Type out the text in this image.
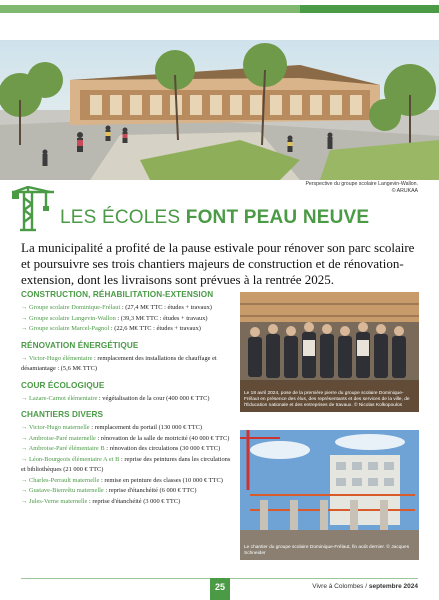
Perspective du groupe scolaire Langevin-Wallon.
© ARUKAA
LES ÉCOLES FONT PEAU NEUVE
La municipalité a profité de la pause estivale pour rénover son parc scolaire et poursuivre ses trois chantiers majeurs de construction et de rénovation-extension, dont les livraisons sont prévues à la rentrée 2025.

CONSTRUCTION, RÉHABILITATION-EXTENSION

→ Groupe scolaire Dominique-Frélaut : (27,4 M€ TTC : études + travaux)
→ Groupe scolaire Langevin-Wallon : (39,3 M€ TTC : études + travaux)
→ Groupe scolaire Marcel-Pagnol : (22,6 M€ TTC : études + travaux)

RÉNOVATION ÉNERGÉTIQUE

→ Victor-Hugo élémentaire : remplacement des installations de chauffage et désamiantage : (5,6 M€ TTC)

COUR ÉCOLOGIQUE

→ Lazare-Carnot élémentaire : végétalisation de la cour (400 000 € TTC)

CHANTIERS DIVERS

→ Victor-Hugo maternelle : remplacement du portail (130 000 € TTC)
→ Ambroise-Paré maternelle : rénovation de la salle de motricité (40 000 € TTC)
→ Ambroise-Paré élémentaire B : rénovation des circulations (30 000 € TTC)
→ Léon-Bourgeois élémentaire A et B : reprise des peintures dans les circulations et bibliothèques (21 000 € TTC)
→ Charles-Perrault maternelle : remise en peinture des classes (10 000 € TTC)
→ Gustave-Bienvêtu maternelle : reprise d'étanchéité (6 000 € TTC)
→ Jules-Verne maternelle : reprise d'étanchéité (3 000 € TTC)
Le 18 avril 2024, pose de la première pierre du groupe scolaire Dominique-Frélaut en présence des élus, des représentants et des services de la ville, de l'Éducation nationale et des entreprises de travaux. © Nicolas Kolkopoulos
Le chantier du groupe scolaire Dominique-Frélaut, fin août dernier. © Jacques Schneider
25	Vivre à Colombes / septembre 2024
